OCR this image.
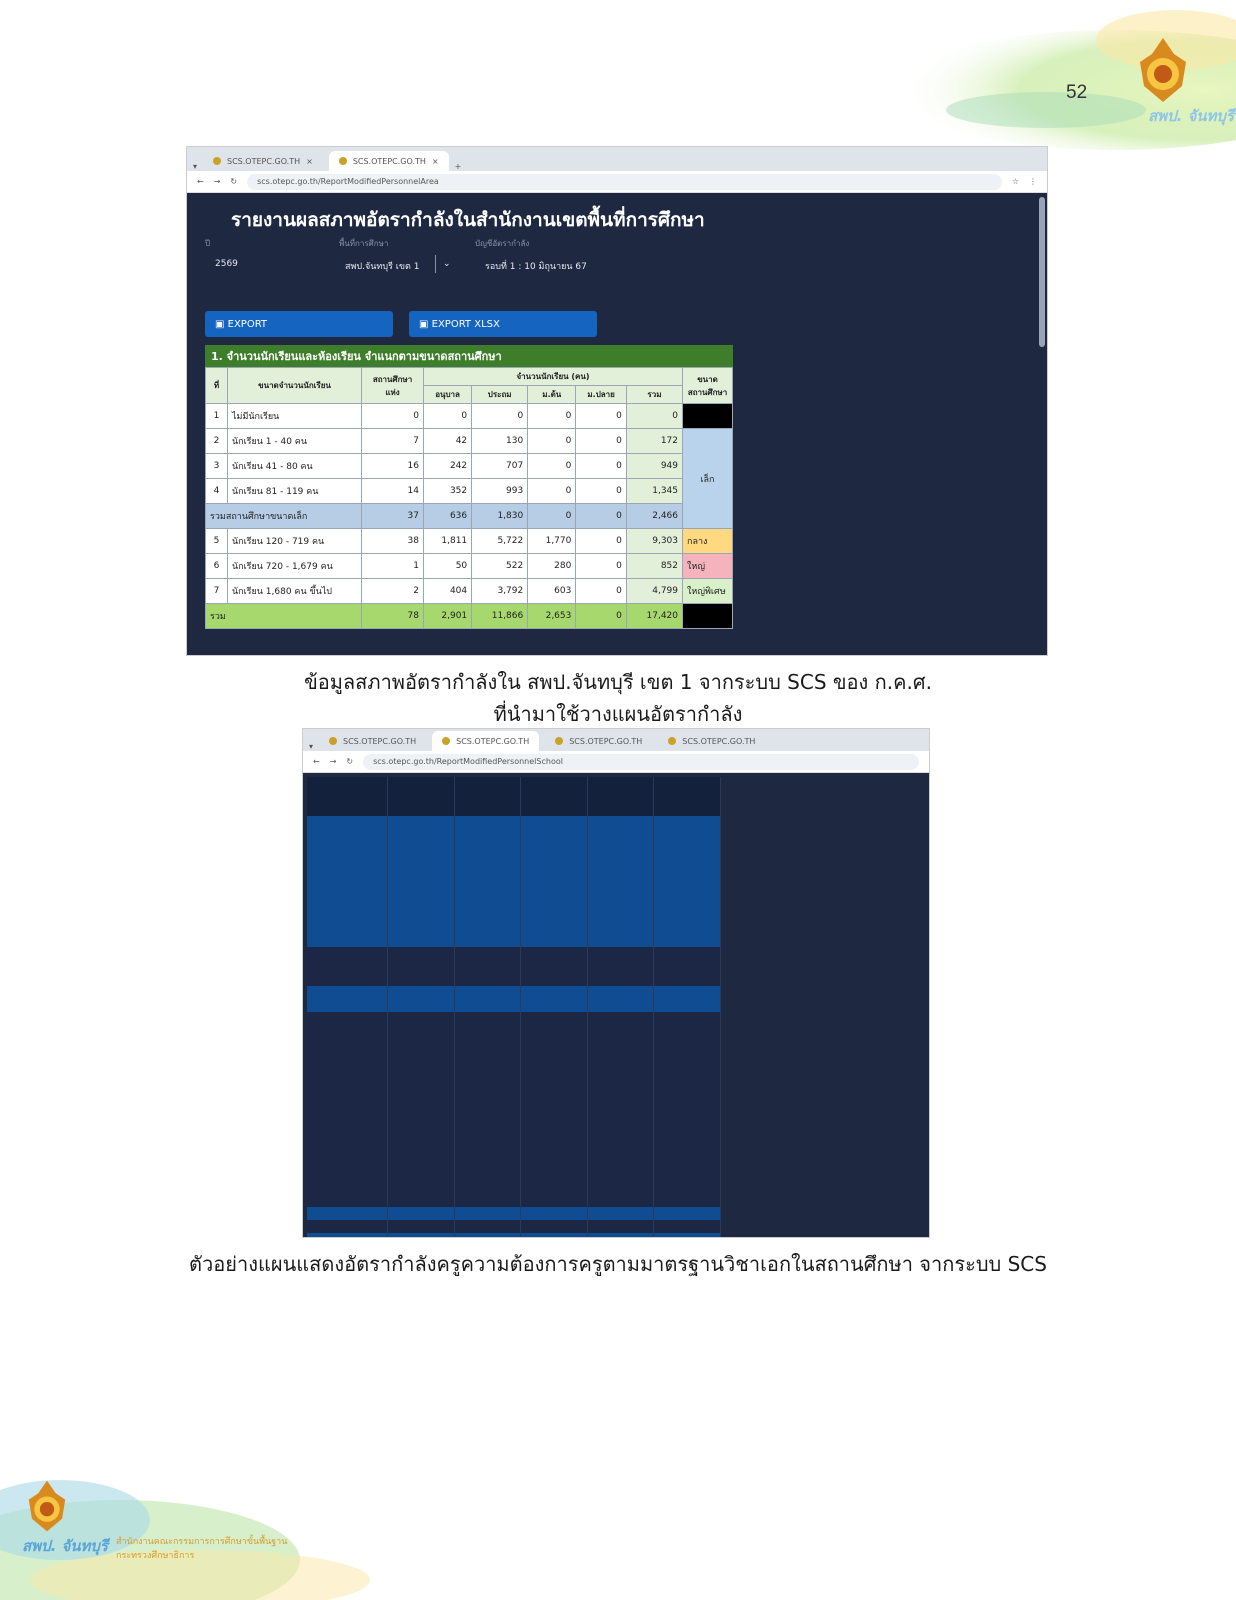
สพป. จันทบุรี
สพป. จันทบุรี สำนักงานคณะกรรมการการศึกษาขั้นพื้นฐาน
กระทรวงศึกษาธิการ
52
▾
SCS.OTEPC.GO.TH ×	SCS.OTEPC.GO.TH ×
+
← → ↻	scs.otepc.go.th/ReportModifiedPersonnelArea	☆ ⋮
รายงานผลสภาพอัตรากำลังในสำนักงานเขตพื้นที่การศึกษา
ปี	พื้นที่การศึกษา	บัญชีอัตรากำลัง
2569	สพป.จันทบุรี เขต 1	⌄	รอบที่ 1 : 10 มิถุนายน 67
▣ EXPORT	▣ EXPORT XLSX
1. จำนวนนักเรียนและห้องเรียน จำแนกตามขนาดสถานศึกษา
ที่	ขนาดจำนวนนักเรียน	สถานศึกษา แห่ง	จำนวนนักเรียน (คน)					ขนาด สถานศึกษา
			อนุบาล	ประถม	ม.ต้น	ม.ปลาย	รวม	
1	ไม่มีนักเรียน	0	0	0	0	0	0	
2	นักเรียน 1 - 40 คน	7	42	130	0	0	172	เล็ก
3	นักเรียน 41 - 80 คน	16	242	707	0	0	949	
4	นักเรียน 81 - 119 คน	14	352	993	0	0	1,345	
รวมสถานศึกษาขนาดเล็ก		37	636	1,830	0	0	2,466	
5	นักเรียน 120 - 719 คน	38	1,811	5,722	1,770	0	9,303	กลาง
6	นักเรียน 720 - 1,679 คน	1	50	522	280	0	852	ใหญ่
7	นักเรียน 1,680 คน ขึ้นไป	2	404	3,792	603	0	4,799	ใหญ่พิเศษ
รวม		78	2,901	11,866	2,653	0	17,420	
ข้อมูลสภาพอัตรากำลังใน สพป.จันทบุรี เขต 1 จากระบบ SCS ของ ก.ค.ศ.
ที่นำมาใช้วางแผนอัตรากำลัง
▾
SCS.OTEPC.GO.TH	SCS.OTEPC.GO.TH	SCS.OTEPC.GO.TH	SCS.OTEPC.GO.TH
← → ↻	scs.otepc.go.th/ReportModifiedPersonnelSchool

ตัวอย่างแผนแสดงอัตรากำลังครูความต้องการครูตามมาตรฐานวิชาเอกในสถานศึกษา จากระบบ SCS
